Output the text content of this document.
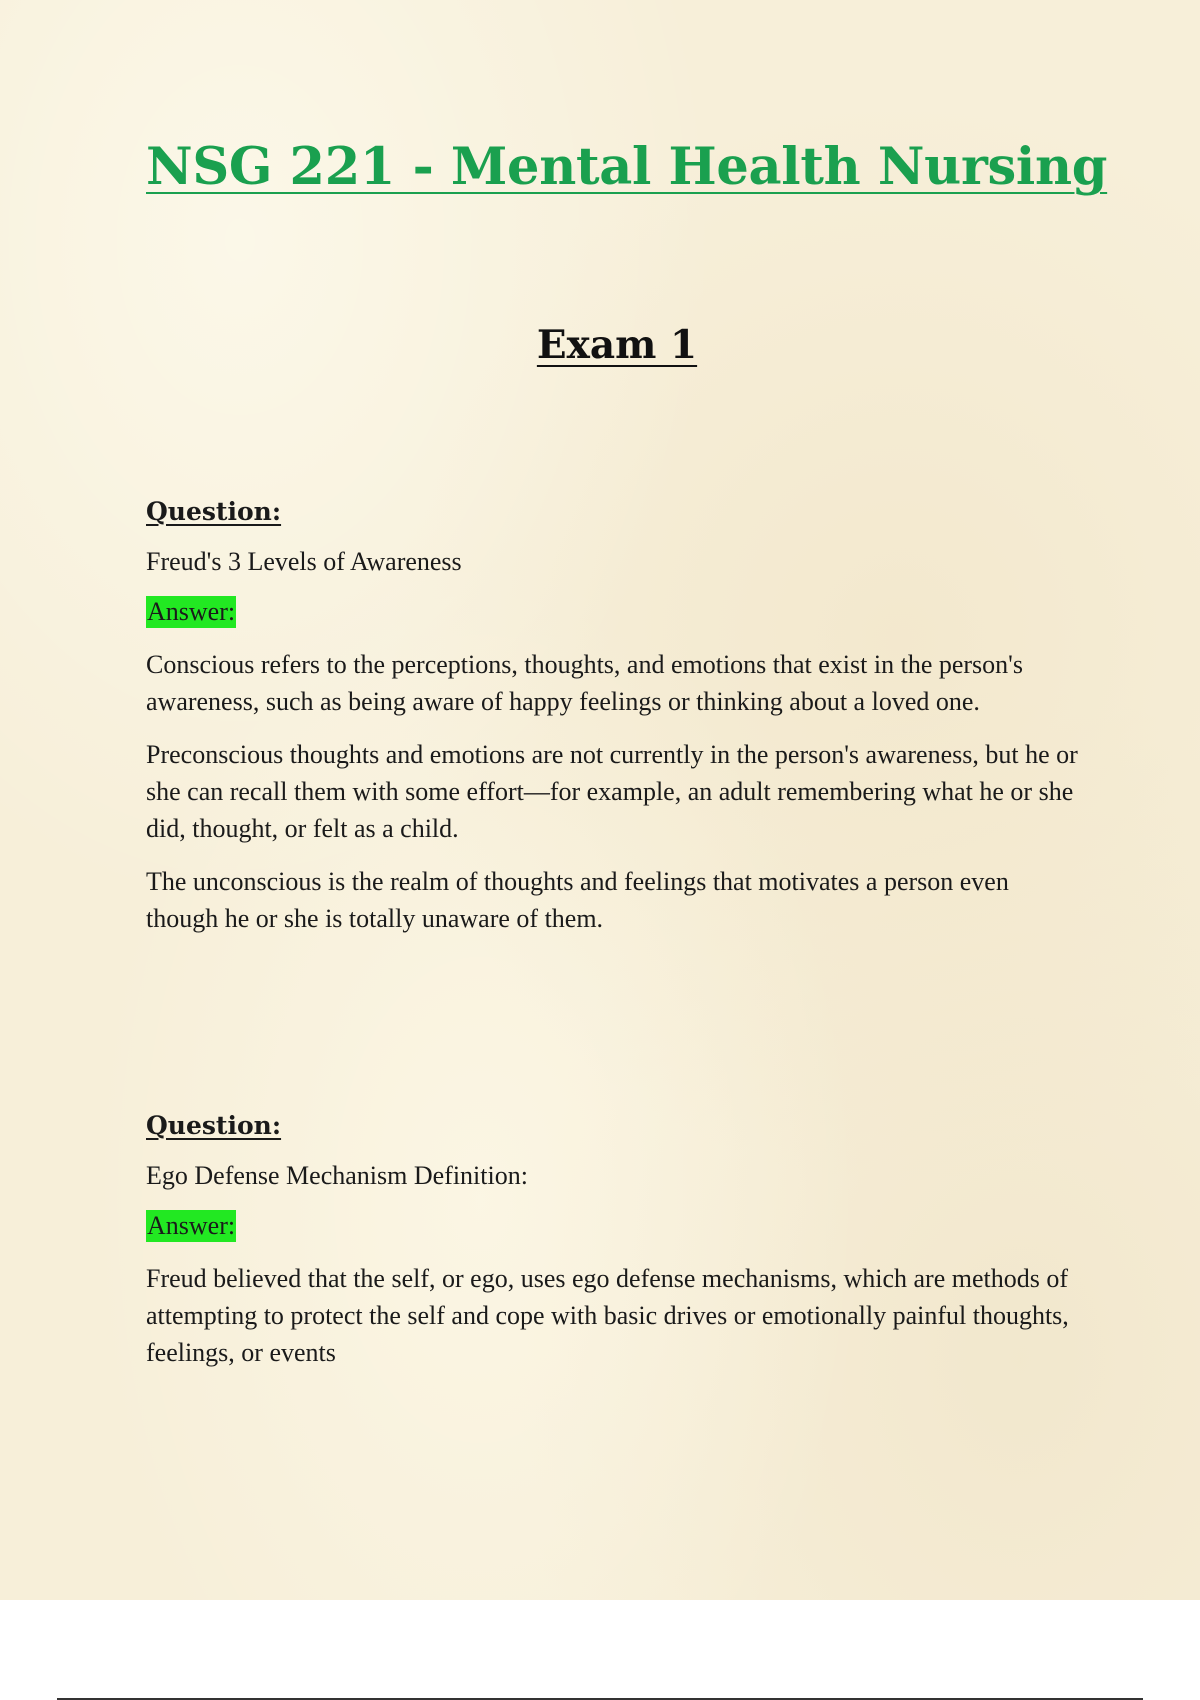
NSG 221 - Mental Health Nursing
Exam 1
Question:
Freud's 3 Levels of Awareness
Answer:

Conscious refers to the perceptions, thoughts, and emotions that exist in the person's awareness, such as being aware of happy feelings or thinking about a loved one.

Preconscious thoughts and emotions are not currently in the person's awareness, but he or she can recall them with some effort—for example, an adult remembering what he or she did, thought, or felt as a child.

The unconscious is the realm of thoughts and feelings that motivates a person even though he or she is totally unaware of them.

Question:
Ego Defense Mechanism Definition:
Answer:

Freud believed that the self, or ego, uses ego defense mechanisms, which are methods of attempting to protect the self and cope with basic drives or emotionally painful thoughts, feelings, or events
